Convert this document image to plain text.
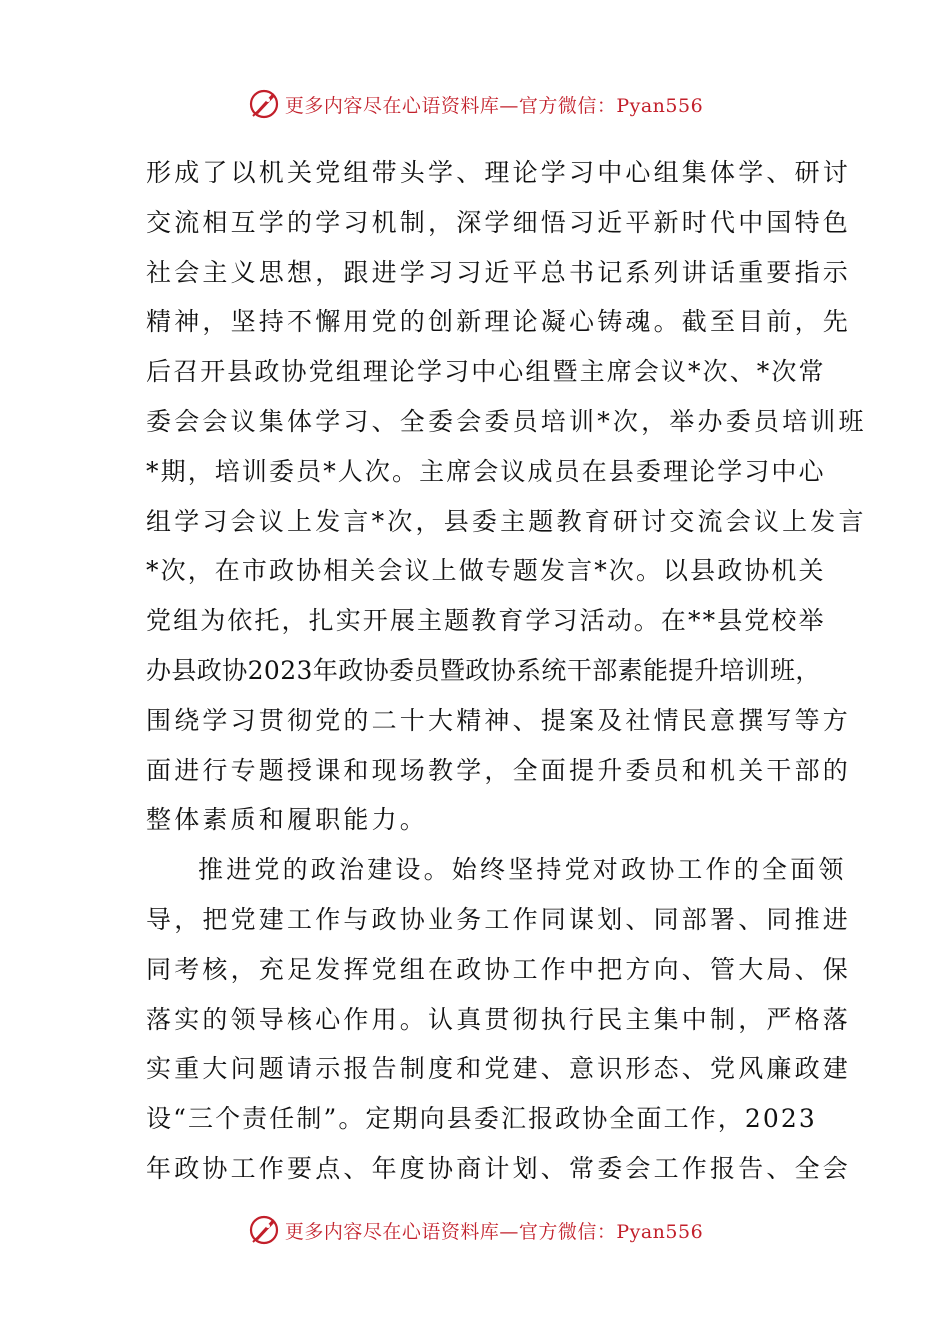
更多内容尽在心语资料库—官方微信：Pyan556
形成了以机关党组带头学、理论学习中心组集体学、研讨
交流相互学的学习机制，深学细悟习近平新时代中国特色
社会主义思想，跟进学习习近平总书记系列讲话重要指示
精神，坚持不懈用党的创新理论凝心铸魂。截至目前，先
后召开县政协党组理论学习中心组暨主席会议*次、*次常
委会会议集体学习、全委会委员培训*次，举办委员培训班
*期，培训委员*人次。主席会议成员在县委理论学习中心
组学习会议上发言*次，县委主题教育研讨交流会议上发言
*次，在市政协相关会议上做专题发言*次。以县政协机关
党组为依托，扎实开展主题教育学习活动。在**县党校举
办县政协2023年政协委员暨政协系统干部素能提升培训班，
围绕学习贯彻党的二十大精神、提案及社情民意撰写等方
面进行专题授课和现场教学，全面提升委员和机关干部的
整体素质和履职能力。
推进党的政治建设。始终坚持党对政协工作的全面领
导，把党建工作与政协业务工作同谋划、同部署、同推进
同考核，充足发挥党组在政协工作中把方向、管大局、保
落实的领导核心作用。认真贯彻执行民主集中制，严格落
实重大问题请示报告制度和党建、意识形态、党风廉政建
设“三个责任制”。定期向县委汇报政协全面工作，2023
年政协工作要点、年度协商计划、常委会工作报告、全会
更多内容尽在心语资料库—官方微信：Pyan556
